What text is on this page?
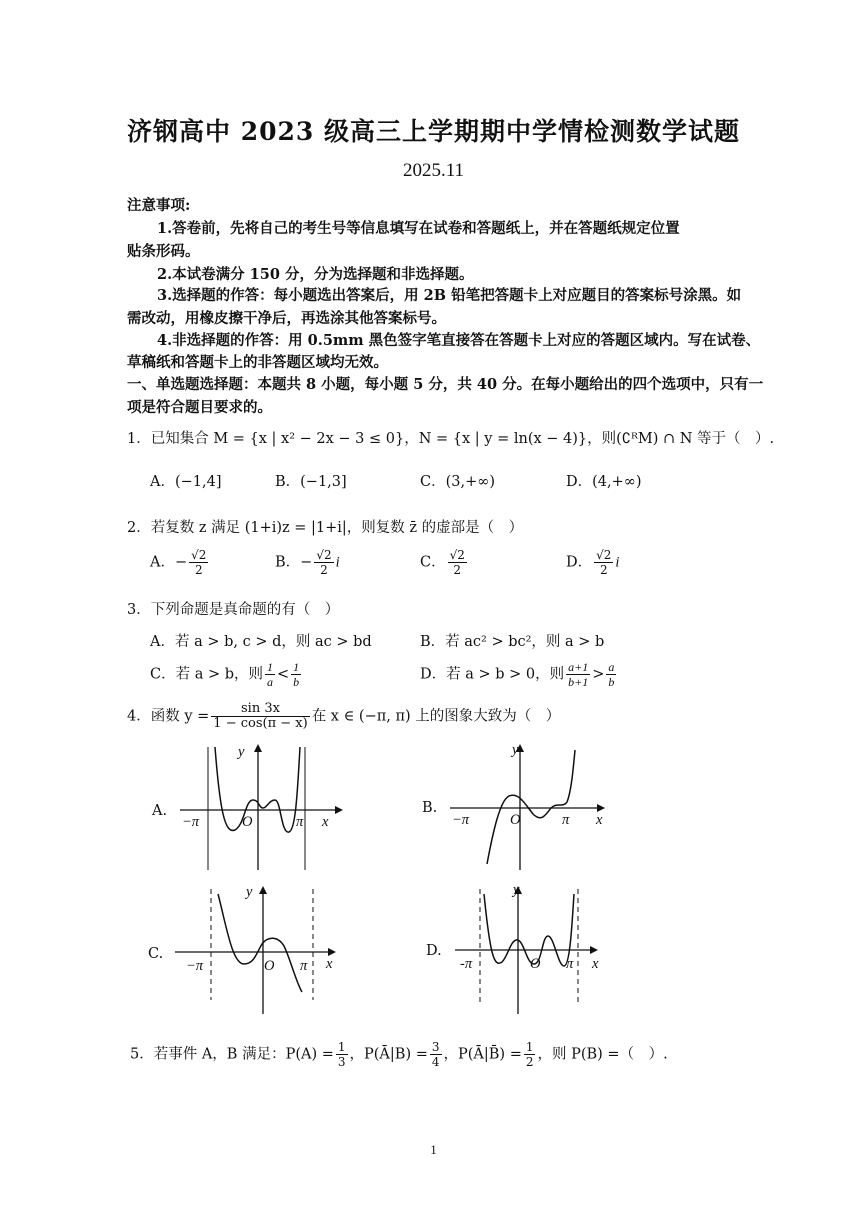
济钢高中 2023 级高三上学期期中学情检测数学试题
2025.11
注意事项:
1.答卷前，先将自己的考生号等信息填写在试卷和答题纸上，并在答题纸规定位置
贴条形码。
2.本试卷满分 150 分，分为选择题和非选择题。
3.选择题的作答：每小题选出答案后，用 2B 铅笔把答题卡上对应题目的答案标号涂黑。如
需改动，用橡皮擦干净后，再选涂其他答案标号。
4.非选择题的作答：用 0.5mm 黑色签字笔直接答在答题卡上对应的答题区域内。写在试卷、
草稿纸和答题卡上的非答题区域均无效。
一、单选题选择题：本题共 8 小题，每小题 5 分，共 40 分。在每小题给出的四个选项中，只有一
项是符合题目要求的。
1．已知集合 M = {x | x² − 2x − 3 ≤ 0}，N = {x | y = ln(x − 4)}，则(∁ᴿM) ∩ N 等于（　）.
A．(−1,4]	B．(−1,3]	C．(3,+∞)	D．(4,+∞)
2．若复数 z 满足 (1+i)z = |1+i|，则复数 z̄ 的虚部是（　）
A．− $\frac{√2}{2}$	B．− $\frac{√2}{2}$ i	C． $\frac{√2}{2}$	D． $\frac{√2}{2}$ i
3．下列命题是真命题的有（　）
A．若 a > b, c > d，则 ac > bd	B．若 ac² > bc²，则 a > b
C．若 a > b，则 $\frac{1}{a} < \frac{1}{b}$	D．若 a > b > 0，则 $\frac{a+1}{b+1} > \frac{a}{b}$
4．函数 $y = \frac{\sin 3x}{1 - \cos(\pi - x)}$ 在 x ∈ (−π, π) 上的图象大致为（　）
A.
y
x
O
−π	π
B.
y
x
O
−π	π
C.
y
x
O
−π	π
D.
y
x
O
-π	π
5．若事件 A，B 满足：$P(A) = \frac{1}{3}$ ，P(Ā|B) = $\frac{3}{4}$ ，P(Ā|B̄) = $\frac{1}{2}$ ，则 P(B) =（　）.
1
